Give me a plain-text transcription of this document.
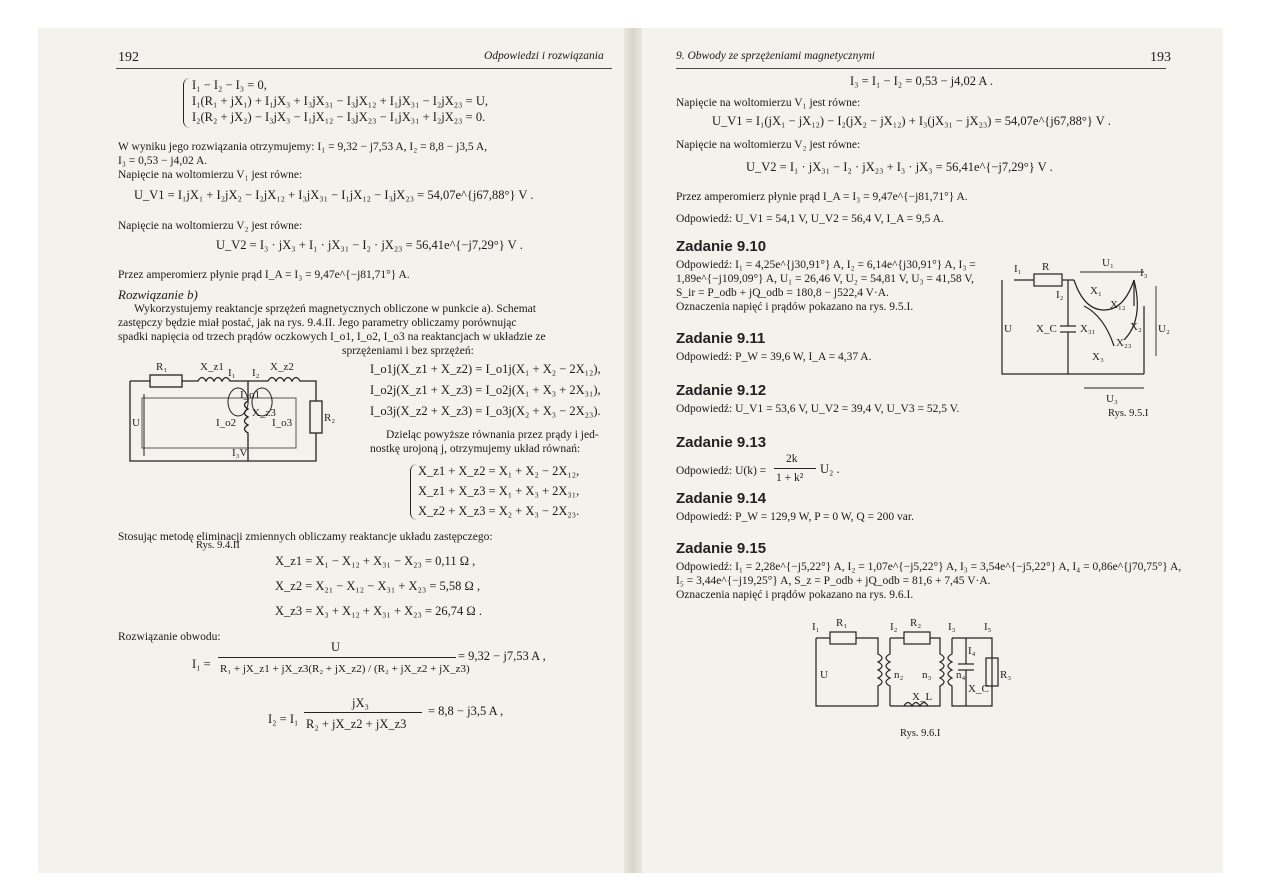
192	Odpowiedzi i rozwiązania
I₁ − I₂ − I₃ = 0,
I₁(R₁ + jX₁) + I₁jX₃ + I₃jX₃₁ − I₃jX₁₂ + I₁jX₃₁ − I₂jX₂₃ = U,
I₂(R₂ + jX₂) − I₃jX₃ − I₁jX₁₂ − I₃jX₂₃ − I₁jX₃₁ + I₂jX₂₃ = 0.
W wyniku jego rozwiązania otrzymujemy: I₁ = 9,32 − j7,53 A, I₂ = 8,8 − j3,5 A,
I₃ = 0,53 − j4,02 A.
Napięcie na woltomierzu V₁ jest równe:
U_V1 = I₁jX₁ + I₂jX₂ − I₂jX₁₂ + I₃jX₃₁ − I₁jX₁₂ − I₃jX₂₃ = 54,07e^{j67,88°} V .
Napięcie na woltomierzu V₂ jest równe:
U_V2 = I₃ · jX₃ + I₁ · jX₃₁ − I₂ · jX₂₃ = 56,41e^{−j7,29°} V .
Przez amperomierz płynie prąd I_A = I₃ = 9,47e^{−j81,71°} A.
Rozwiązanie b)
Wykorzystujemy reaktancje sprzężeń magnetycznych obliczone w punkcie a). Schemat
zastępczy będzie miał postać, jak na rys. 9.4.II. Jego parametry obliczamy porównując
spadki napięcia od trzech prądów oczkowych I_o1, I_o2, I_o3 na reaktancjach w układzie ze
sprzężeniami i bez sprzężeń:
I_o1j(X_z1 + X_z2) = I_o1j(X₁ + X₂ − 2X₁₂),
I_o2j(X_z1 + X_z3) = I_o2j(X₁ + X₃ + 2X₃₁),
I_o3j(X_z2 + X_z3) = I_o3j(X₂ + X₃ − 2X₂₃).
Dzieląc powyższe równania przez prądy i jed-
nostkę urojoną j, otrzymujemy układ równań:
R₁	X_z1	X_z2
R₂
U
I_o1
I_o2	I_o3
X_z3
I₁ I₂
I₃V
Rys. 9.4.II
X_z1 + X_z2 = X₁ + X₂ − 2X₁₂,
X_z1 + X_z3 = X₁ + X₃ + 2X₃₁,
X_z2 + X_z3 = X₂ + X₃ − 2X₂₃.
Stosując metodę eliminacji zmiennych obliczamy reaktancje układu zastępczego:
X_z1 = X₁ − X₁₂ + X₃₁ − X₂₃ = 0,11 Ω ,
X_z2 = X₂₁ − X₁₂ − X₃₁ + X₂₃ = 5,58 Ω ,
X_z3 = X₃ + X₁₂ + X₃₁ + X₂₃ = 26,74 Ω .
Rozwiązanie obwodu:
I₁ =
U
R₁ + jX_z1 + jX_z3(R₂ + jX_z2) / (R₂ + jX_z2 + jX_z3)
= 9,32 − j7,53 A ,
I₂ = I₁
jX₃
R₂ + jX_z2 + jX_z3
= 8,8 − j3,5 A ,
9. Obwody ze sprzężeniami magnetycznymi	193
I₃ = I₁ − I₂ = 0,53 − j4,02 A .
Napięcie na woltomierzu V₁ jest równe:
U_V1 = I₁(jX₁ − jX₁₂) − I₂(jX₂ − jX₁₂) + I₃(jX₃₁ − jX₂₃) = 54,07e^{j67,88°} V .
Napięcie na woltomierzu V₂ jest równe:
U_V2 = I₁ · jX₃₁ − I₂ · jX₂₃ + I₃ · jX₃ = 56,41e^{−j7,29°} V .
Przez amperomierz płynie prąd I_A = I₃ = 9,47e^{−j81,71°} A.
Odpowiedź: U_V1 = 54,1 V, U_V2 = 56,4 V, I_A = 9,5 A.
Zadanie 9.10
Odpowiedź: I₁ = 4,25e^{j30,91°} A, I₂ = 6,14e^{j30,91°} A, I₃ =
1,89e^{−j109,09°} A, U₁ = 26,46 V, U₂ = 54,81 V, U₃ = 41,58 V,
S_ir = P_odb + jQ_odb = 180,8 − j522,4 V·A.
Oznaczenia napięć i prądów pokazano na rys. 9.5.I.
I₁ R	U₁
I₃
I₂ X₁
X₁₂
U X_C X₃₁	X₂ U₂
X₂₃
X₃
U₃
Rys. 9.5.I
Zadanie 9.11
Odpowiedź: P_W = 39,6 W, I_A = 4,37 A.
Zadanie 9.12
Odpowiedź: U_V1 = 53,6 V, U_V2 = 39,4 V, U_V3 = 52,5 V.
Zadanie 9.13
Odpowiedź: U(k) =
2k
1 + k²
U₂ .
Zadanie 9.14
Odpowiedź: P_W = 129,9 W, P = 0 W, Q = 200 var.
Zadanie 9.15
Odpowiedź: I₁ = 2,28e^{−j5,22°} A, I₂ = 1,07e^{−j5,22°} A, I₃ = 3,54e^{−j5,22°} A, I₄ = 0,86e^{j70,75°} A,
I₅ = 3,44e^{−j19,25°} A, S_z = P_odb + jQ_odb = 81,6 + 7,45 V·A.
Oznaczenia napięć i prądów pokazano na rys. 9.6.I.
I₁ R₁	I₂ R₂ I₃	I₅
U	n₂ n₃ n₄
I₄
X_C
R₃
X_L
Rys. 9.6.I
